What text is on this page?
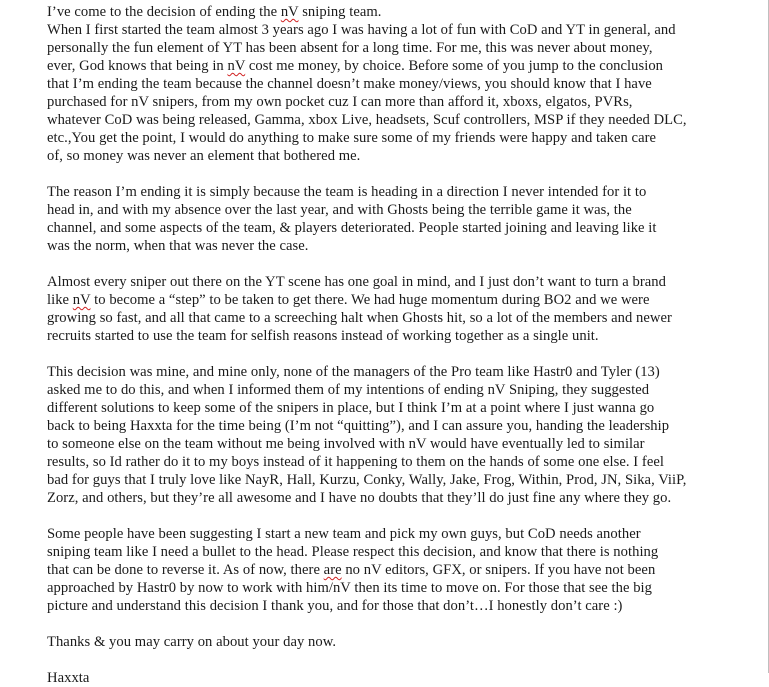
I’ve come to the decision of ending the nV sniping team.
When I first started the team almost 3 years ago I was having a lot of fun with CoD and YT in general, and
personally the fun element of YT has been absent for a long time. For me, this was never about money,
ever, God knows that being in nV cost me money, by choice. Before some of you jump to the conclusion
that I’m ending the team because the channel doesn’t make money/views, you should know that I have
purchased for nV snipers, from my own pocket cuz I can more than afford it, xboxs, elgatos, PVRs,
whatever CoD was being released, Gamma, xbox Live, headsets, Scuf controllers, MSP if they needed DLC,
etc.,You get the point, I would do anything to make sure some of my friends were happy and taken care
of, so money was never an element that bothered me.
The reason I’m ending it is simply because the team is heading in a direction I never intended for it to
head in, and with my absence over the last year, and with Ghosts being the terrible game it was, the
channel, and some aspects of the team, & players deteriorated. People started joining and leaving like it
was the norm, when that was never the case.
Almost every sniper out there on the YT scene has one goal in mind, and I just don’t want to turn a brand
like nV to become a “step” to be taken to get there. We had huge momentum during BO2 and we were
growing so fast, and all that came to a screeching halt when Ghosts hit, so a lot of the members and newer
recruits started to use the team for selfish reasons instead of working together as a single unit.
This decision was mine, and mine only, none of the managers of the Pro team like Hastr0 and Tyler (13)
asked me to do this, and when I informed them of my intentions of ending nV Sniping, they suggested
different solutions to keep some of the snipers in place, but I think I’m at a point where I just wanna go
back to being Haxxta for the time being (I’m not “quitting”), and I can assure you, handing the leadership
to someone else on the team without me being involved with nV would have eventually led to similar
results, so Id rather do it to my boys instead of it happening to them on the hands of some one else. I feel
bad for guys that I truly love like NayR, Hall, Kurzu, Conky, Wally, Jake, Frog, Within, Prod, JN, Sika, ViiP,
Zorz, and others, but they’re all awesome and I have no doubts that they’ll do just fine any where they go.
Some people have been suggesting I start a new team and pick my own guys, but CoD needs another
sniping team like I need a bullet to the head. Please respect this decision, and know that there is nothing
that can be done to reverse it. As of now, there are no nV editors, GFX, or snipers. If you have not been
approached by Hastr0 by now to work with him/nV then its time to move on. For those that see the big
picture and understand this decision I thank you, and for those that don’t…I honestly don’t care :)
Thanks & you may carry on about your day now.
Haxxta
